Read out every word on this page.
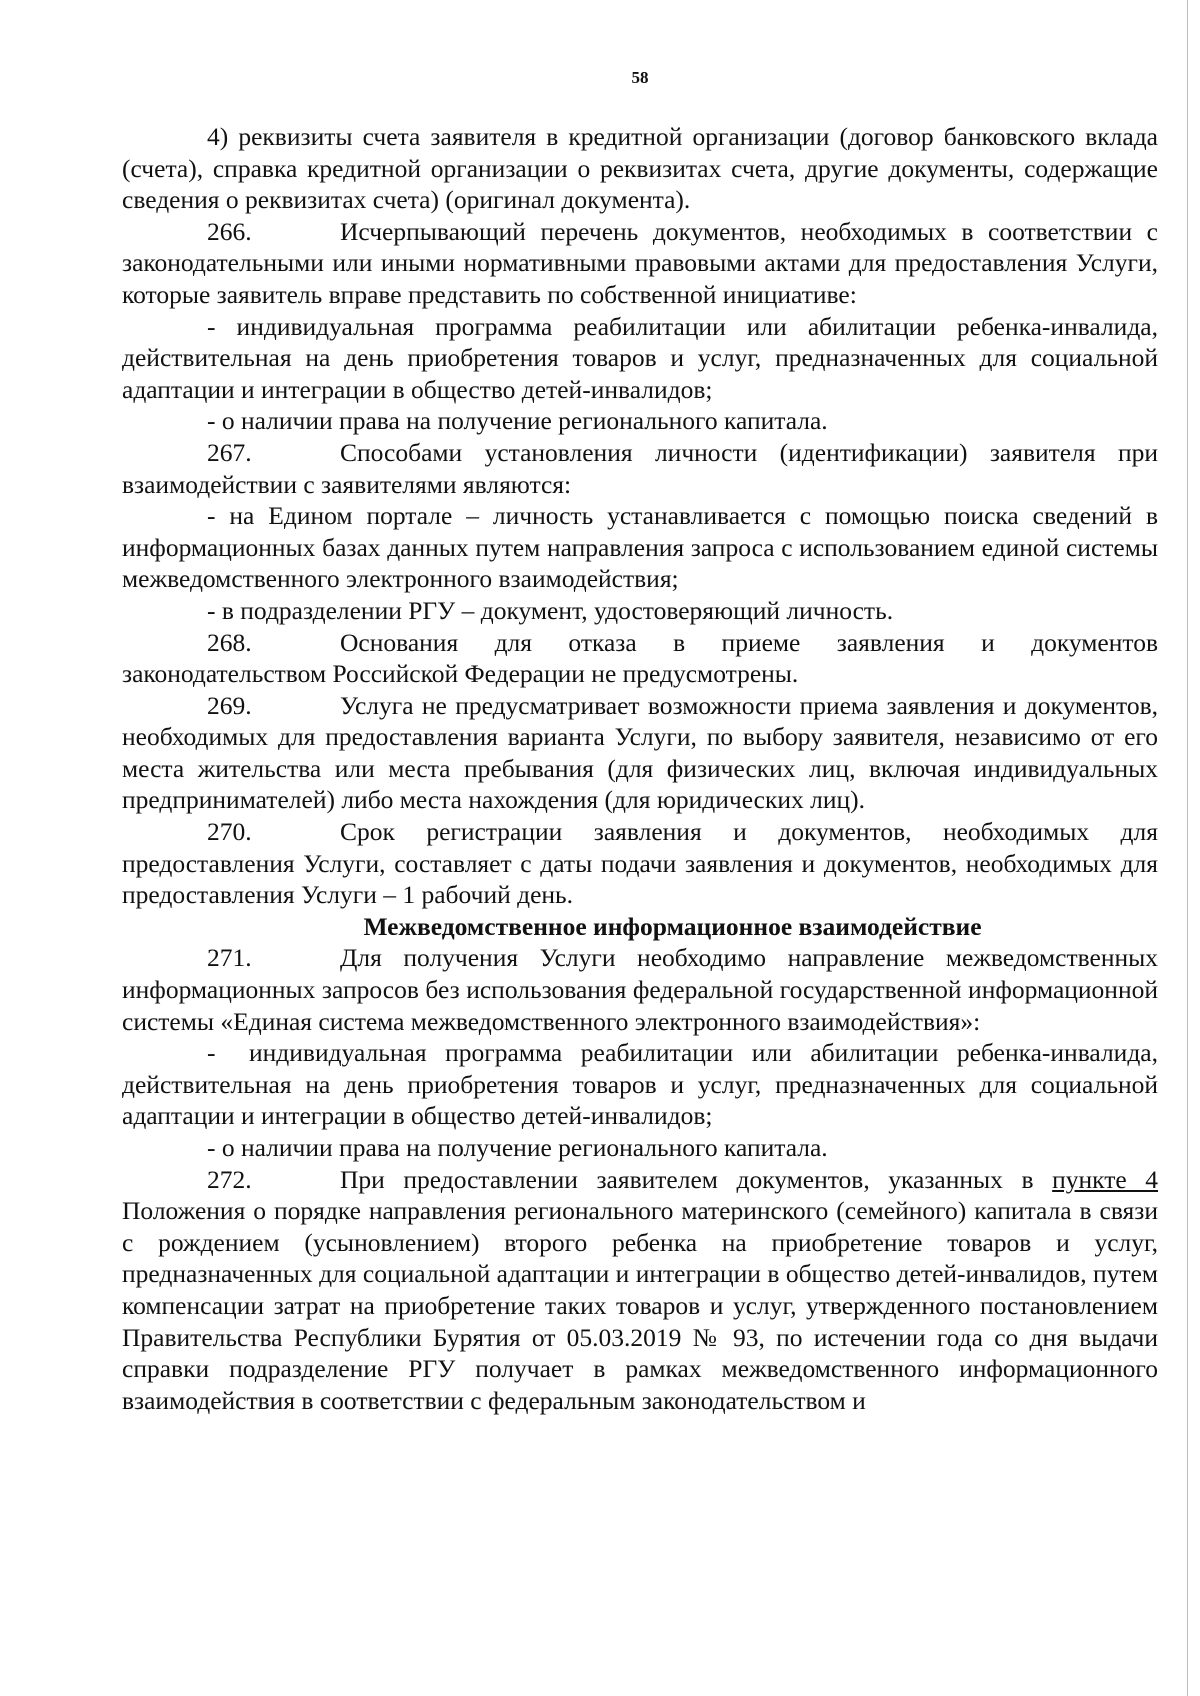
58

4) реквизиты счета заявителя в кредитной организации (договор банковского вклада (счета), справка кредитной организации о реквизитах счета, другие документы, содержащие сведения о реквизитах счета) (оригинал документа).

266.	Исчерпывающий перечень документов, необходимых в соответствии с законодательными или иными нормативными правовыми актами для предоставления Услуги, которые заявитель вправе представить по собственной инициативе:

- индивидуальная программа реабилитации или абилитации ребенка-инвалида, действительная на день приобретения товаров и услуг, предназначенных для социальной адаптации и интеграции в общество детей-инвалидов;

- о наличии права на получение регионального капитала.

267.	Способами установления личности (идентификации) заявителя при взаимодействии с заявителями являются:

- на Едином портале – личность устанавливается с помощью поиска сведений в информационных базах данных путем направления запроса с использованием единой системы межведомственного электронного взаимодействия;

- в подразделении РГУ – документ, удостоверяющий личность.

268.	Основания для отказа в приеме заявления и документов законодательством Российской Федерации не предусмотрены.

269.	Услуга не предусматривает возможности приема заявления и документов, необходимых для предоставления варианта Услуги, по выбору заявителя, независимо от его места жительства или места пребывания (для физических лиц, включая индивидуальных предпринимателей) либо места нахождения (для юридических лиц).

270.	Срок регистрации заявления и документов, необходимых для предоставления Услуги, составляет с даты подачи заявления и документов, необходимых для предоставления Услуги – 1 рабочий день.

Межведомственное информационное взаимодействие

271.	Для получения Услуги необходимо направление межведомственных информационных запросов без использования федеральной государственной информационной системы «Единая система межведомственного электронного взаимодействия»:

- индивидуальная программа реабилитации или абилитации ребенка-инвалида, действительная на день приобретения товаров и услуг, предназначенных для социальной адаптации и интеграции в общество детей-инвалидов;

- о наличии права на получение регионального капитала.

272.	При предоставлении заявителем документов, указанных в пункте 4 Положения о порядке направления регионального материнского (семейного) капитала в связи с рождением (усыновлением) второго ребенка на приобретение товаров и услуг, предназначенных для социальной адаптации и интеграции в общество детей-инвалидов, путем компенсации затрат на приобретение таких товаров и услуг, утвержденного постановлением Правительства Республики Бурятия от 05.03.2019 № 93, по истечении года со дня выдачи справки подразделение РГУ получает в рамках межведомственного информационного взаимодействия в соответствии с федеральным законодательством и
